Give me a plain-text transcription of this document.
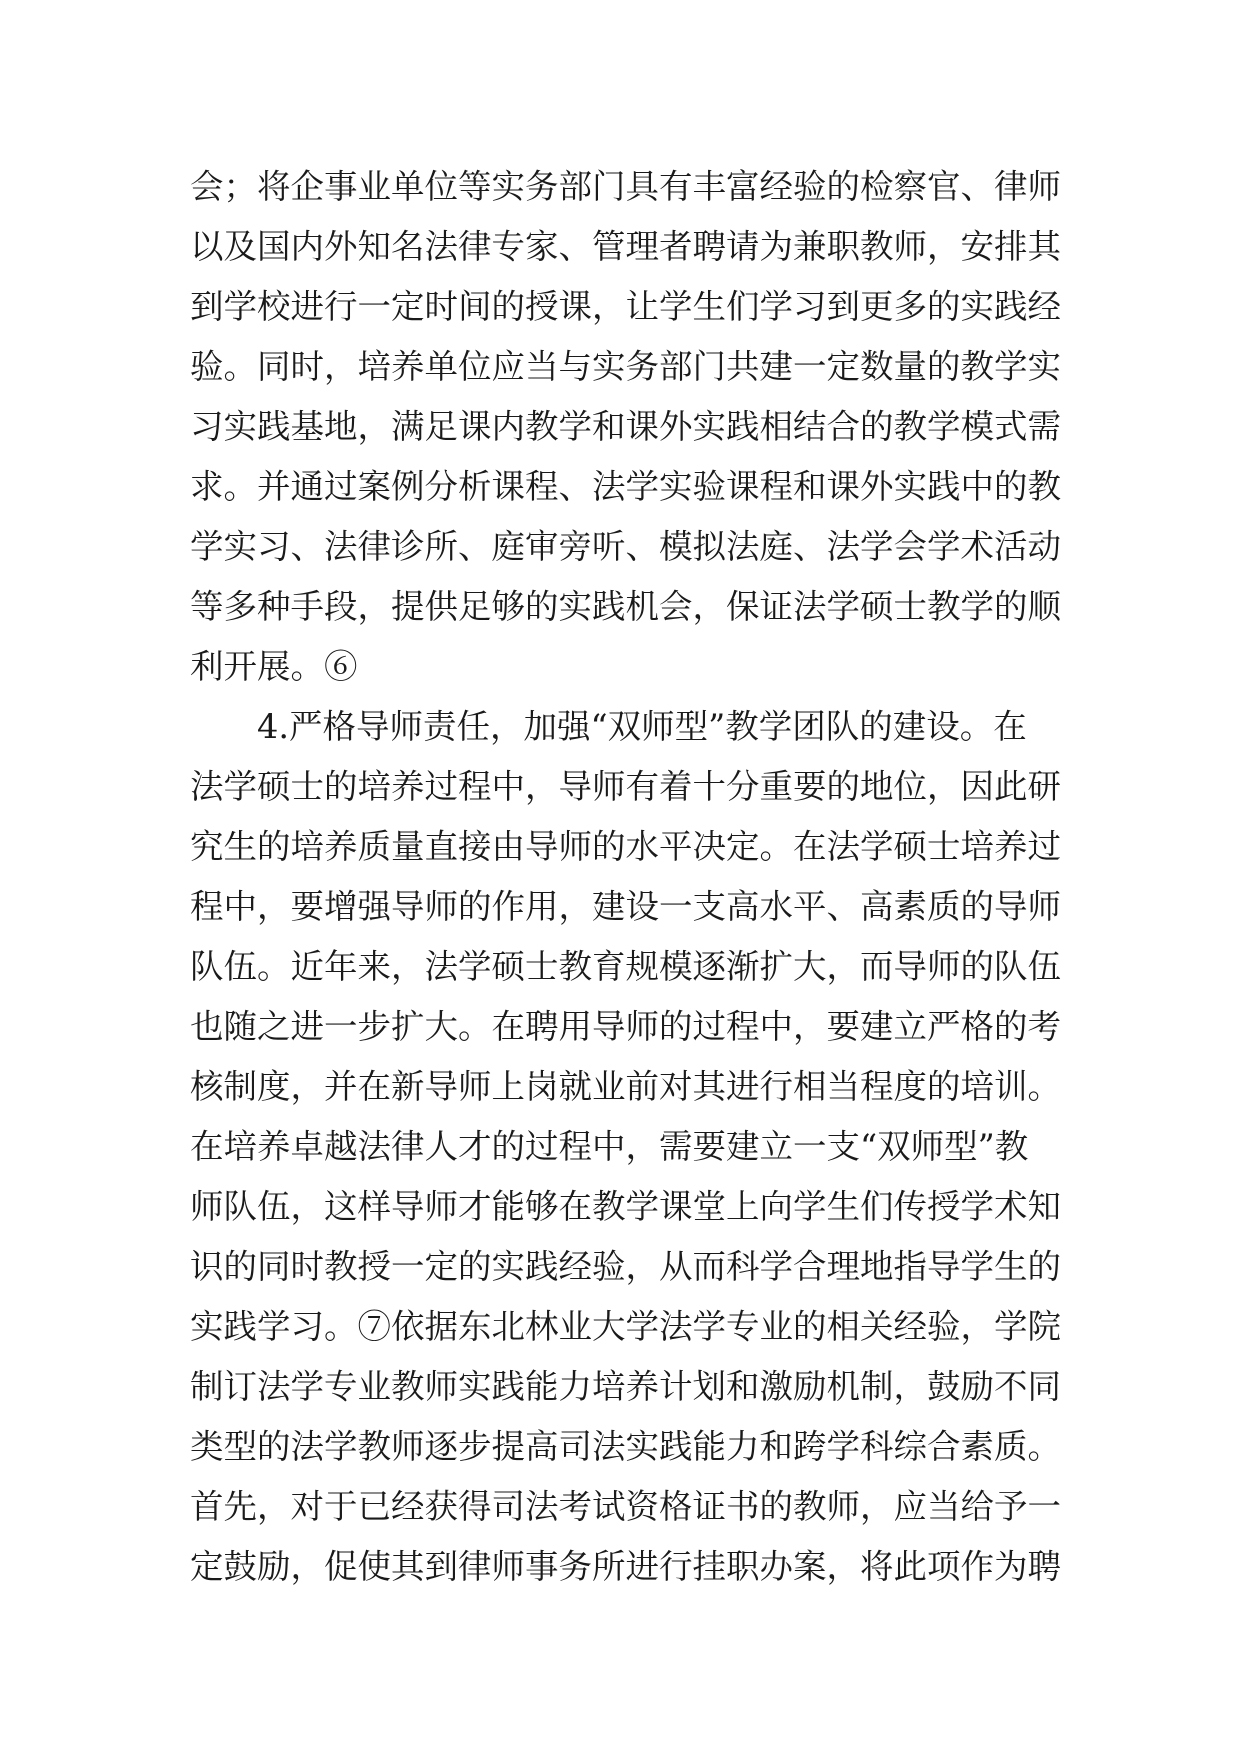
会；将企事业单位等实务部门具有丰富经验的检察官、律师
以及国内外知名法律专家、管理者聘请为兼职教师，安排其
到学校进行一定时间的授课，让学生们学习到更多的实践经
验。同时，培养单位应当与实务部门共建一定数量的教学实
习实践基地，满足课内教学和课外实践相结合的教学模式需
求。并通过案例分析课程、法学实验课程和课外实践中的教
学实习、法律诊所、庭审旁听、模拟法庭、法学会学术活动
等多种手段，提供足够的实践机会，保证法学硕士教学的顺
利开展。⑥
　　4.严格导师责任，加强“双师型”教学团队的建设。在
法学硕士的培养过程中，导师有着十分重要的地位，因此研
究生的培养质量直接由导师的水平决定。在法学硕士培养过
程中，要增强导师的作用，建设一支高水平、高素质的导师
队伍。近年来，法学硕士教育规模逐渐扩大，而导师的队伍
也随之进一步扩大。在聘用导师的过程中，要建立严格的考
核制度，并在新导师上岗就业前对其进行相当程度的培训。
在培养卓越法律人才的过程中，需要建立一支“双师型”教
师队伍，这样导师才能够在教学课堂上向学生们传授学术知
识的同时教授一定的实践经验，从而科学合理地指导学生的
实践学习。⑦依据东北林业大学法学专业的相关经验，学院
制订法学专业教师实践能力培养计划和激励机制，鼓励不同
类型的法学教师逐步提高司法实践能力和跨学科综合素质。
首先，对于已经获得司法考试资格证书的教师，应当给予一
定鼓励，促使其到律师事务所进行挂职办案，将此项作为聘
